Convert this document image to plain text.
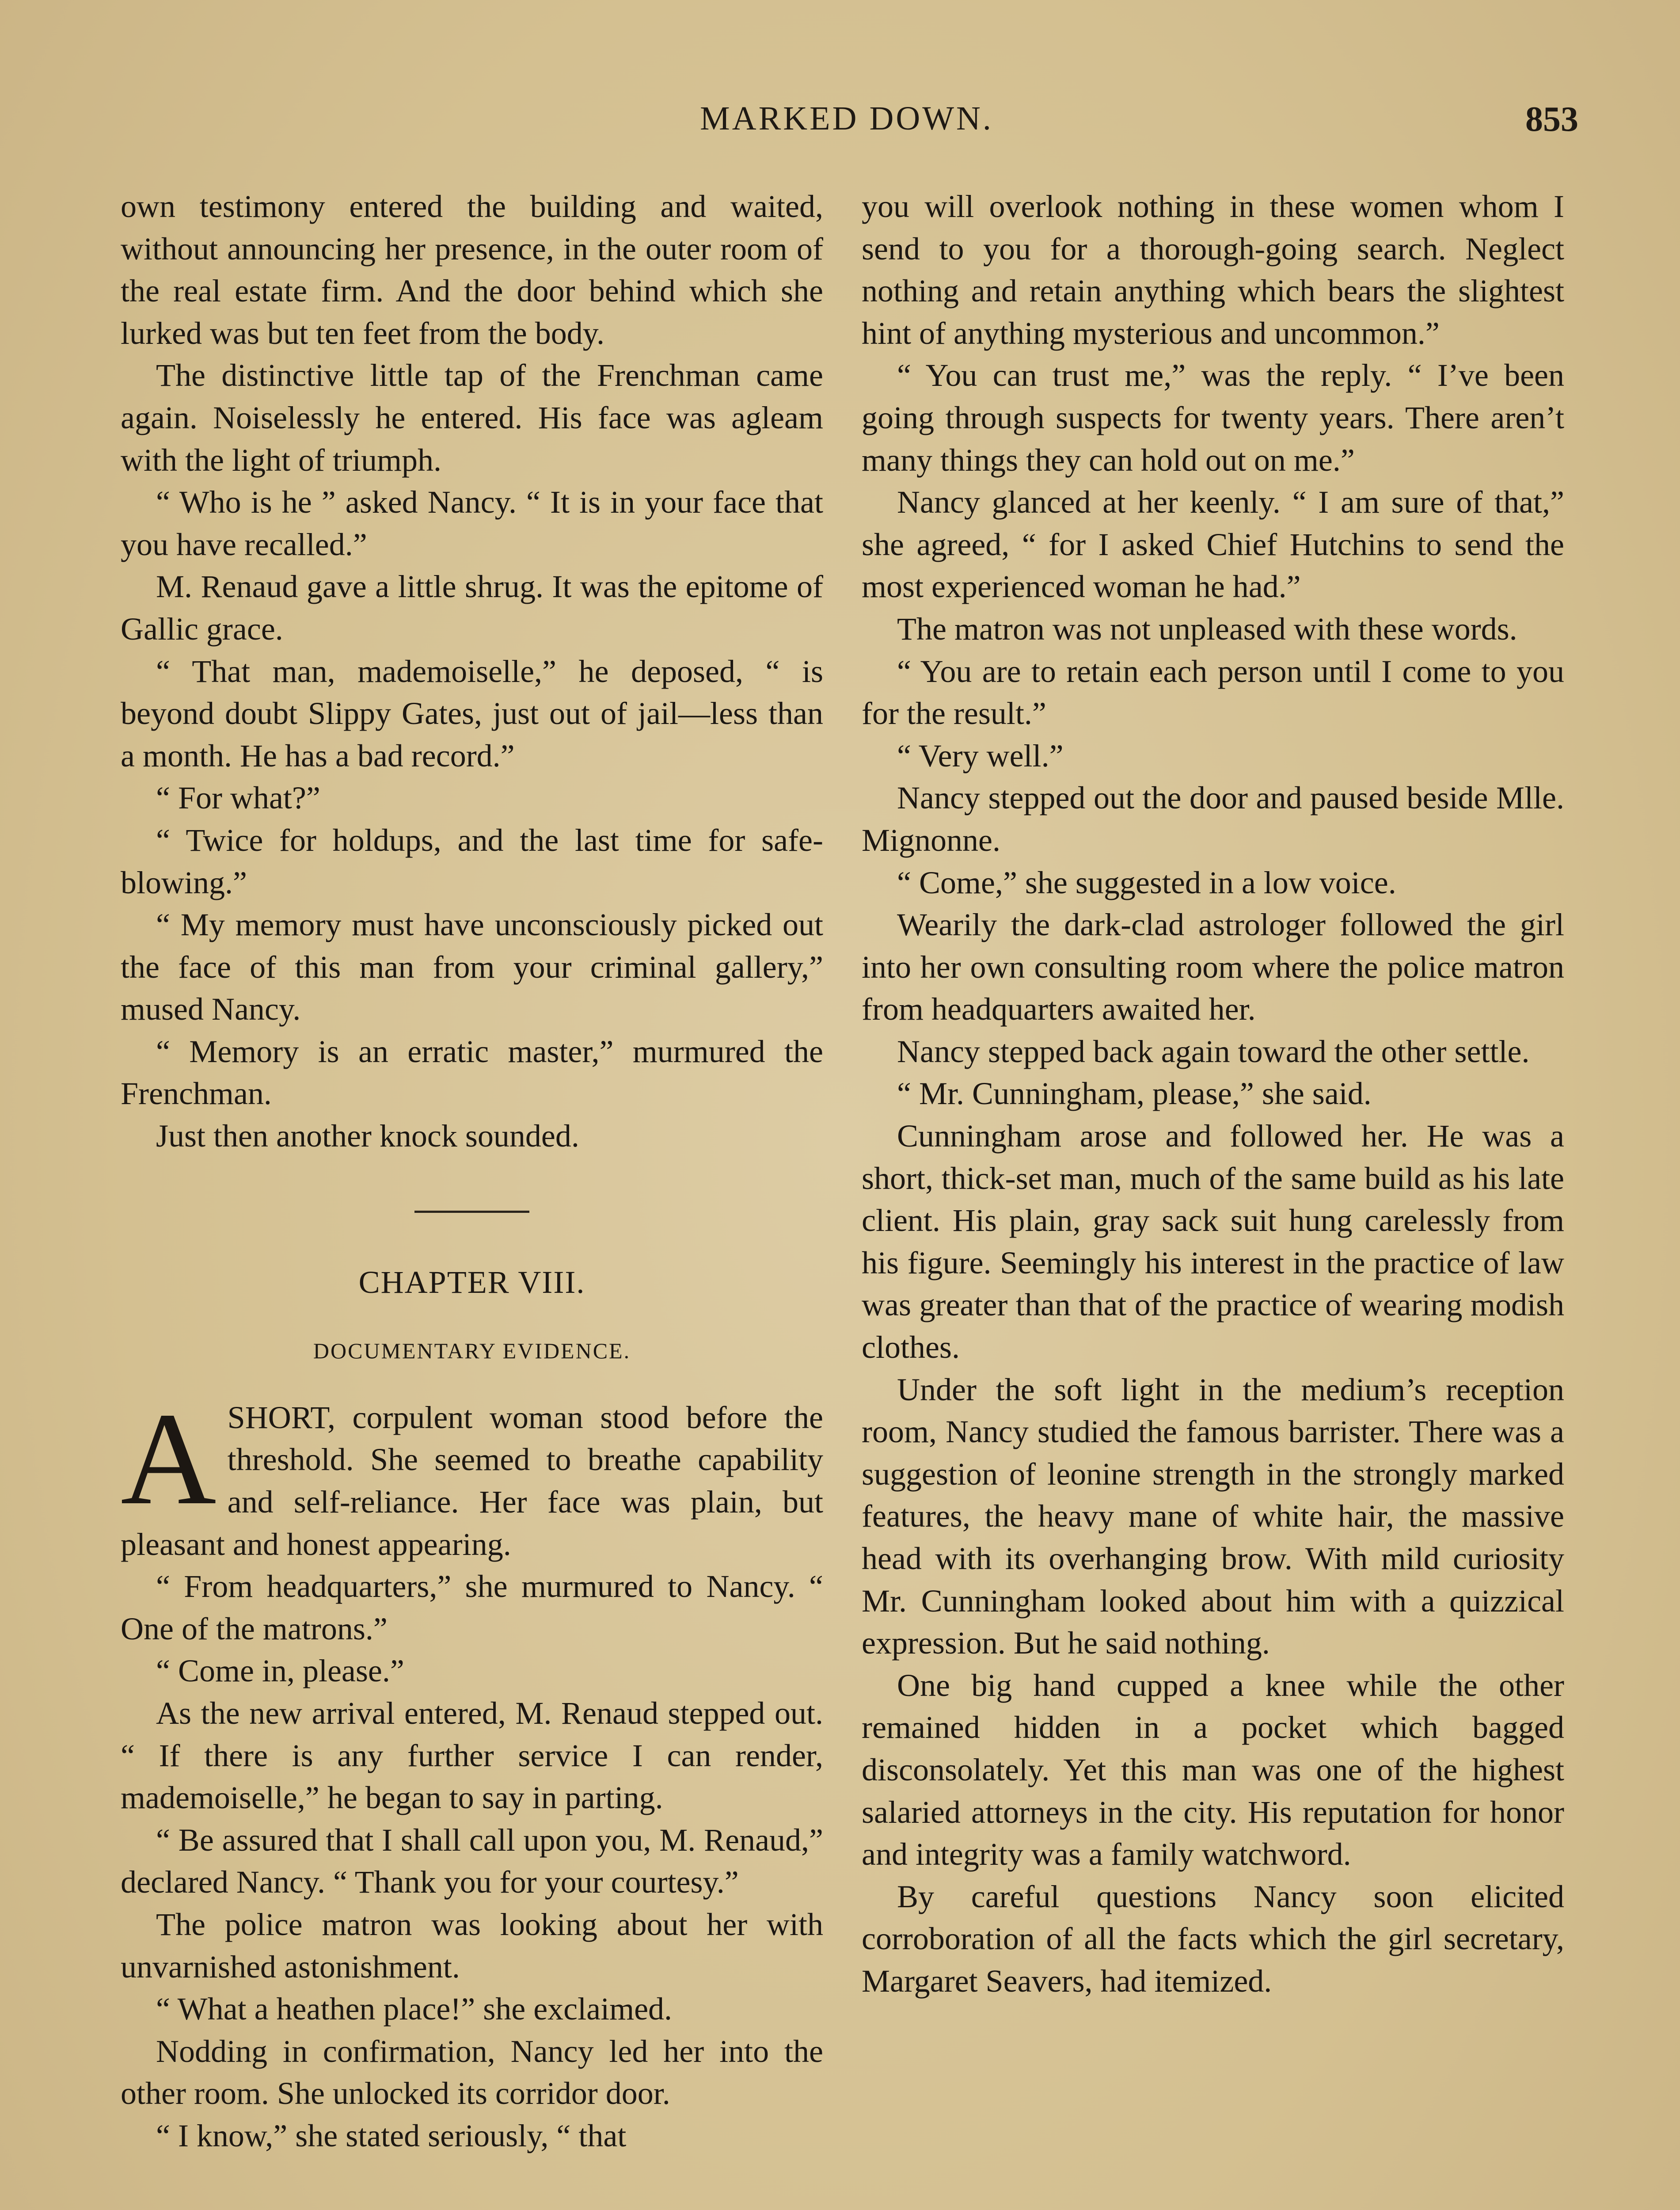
MARKED DOWN.	853

own testimony entered the building and waited, without announcing her presence, in the outer room of the real estate firm. And the door behind which she lurked was but ten feet from the body.

The distinctive little tap of the Frenchman came again. Noiselessly he entered. His face was agleam with the light of triumph.

“ Who is he ” asked Nancy. “ It is in your face that you have recalled.”

M. Renaud gave a little shrug. It was the epitome of Gallic grace.

“ That man, mademoiselle,” he deposed, “ is beyond doubt Slippy Gates, just out of jail—less than a month. He has a bad record.”

“ For what?”

“ Twice for holdups, and the last time for safe-blowing.”

“ My memory must have unconsciously picked out the face of this man from your criminal gallery,” mused Nancy.

“ Memory is an erratic master,” murmured the Frenchman.

Just then another knock sounded.

CHAPTER VIII.
DOCUMENTARY EVIDENCE.

ASHORT, corpulent woman stood before the threshold. She seemed to breathe capability and self-reliance. Her face was plain, but pleasant and honest appearing.

“ From headquarters,” she murmured to Nancy. “ One of the matrons.”

“ Come in, please.”

As the new arrival entered, M. Renaud stepped out. “ If there is any further service I can render, mademoiselle,” he began to say in parting.

“ Be assured that I shall call upon you, M. Renaud,” declared Nancy. “ Thank you for your courtesy.”

The police matron was looking about her with unvarnished astonishment.

“ What a heathen place!” she exclaimed.

Nodding in confirmation, Nancy led her into the other room. She unlocked its corridor door.

“ I know,” she stated seriously, “ that

you will overlook nothing in these women whom I send to you for a thorough-going search. Neglect nothing and retain anything which bears the slightest hint of anything mysterious and uncommon.”

“ You can trust me,” was the reply. “ I’ve been going through suspects for twenty years. There aren’t many things they can hold out on me.”

Nancy glanced at her keenly. “ I am sure of that,” she agreed, “ for I asked Chief Hutchins to send the most experienced woman he had.”

The matron was not unpleased with these words.

“ You are to retain each person until I come to you for the result.”

“ Very well.”

Nancy stepped out the door and paused beside Mlle. Mignonne.

“ Come,” she suggested in a low voice.

Wearily the dark-clad astrologer followed the girl into her own consulting room where the police matron from headquarters awaited her.

Nancy stepped back again toward the other settle.

“ Mr. Cunningham, please,” she said.

Cunningham arose and followed her. He was a short, thick-set man, much of the same build as his late client. His plain, gray sack suit hung carelessly from his figure. Seemingly his interest in the practice of law was greater than that of the practice of wearing modish clothes.

Under the soft light in the medium’s reception room, Nancy studied the famous barrister. There was a suggestion of leonine strength in the strongly marked features, the heavy mane of white hair, the massive head with its overhanging brow. With mild curiosity Mr. Cunningham looked about him with a quizzical expression. But he said nothing.

One big hand cupped a knee while the other remained hidden in a pocket which bagged disconsolately. Yet this man was one of the highest salaried attorneys in the city. His reputation for honor and integrity was a family watchword.

By careful questions Nancy soon elicited corroboration of all the facts which the girl secretary, Margaret Seavers, had itemized.
